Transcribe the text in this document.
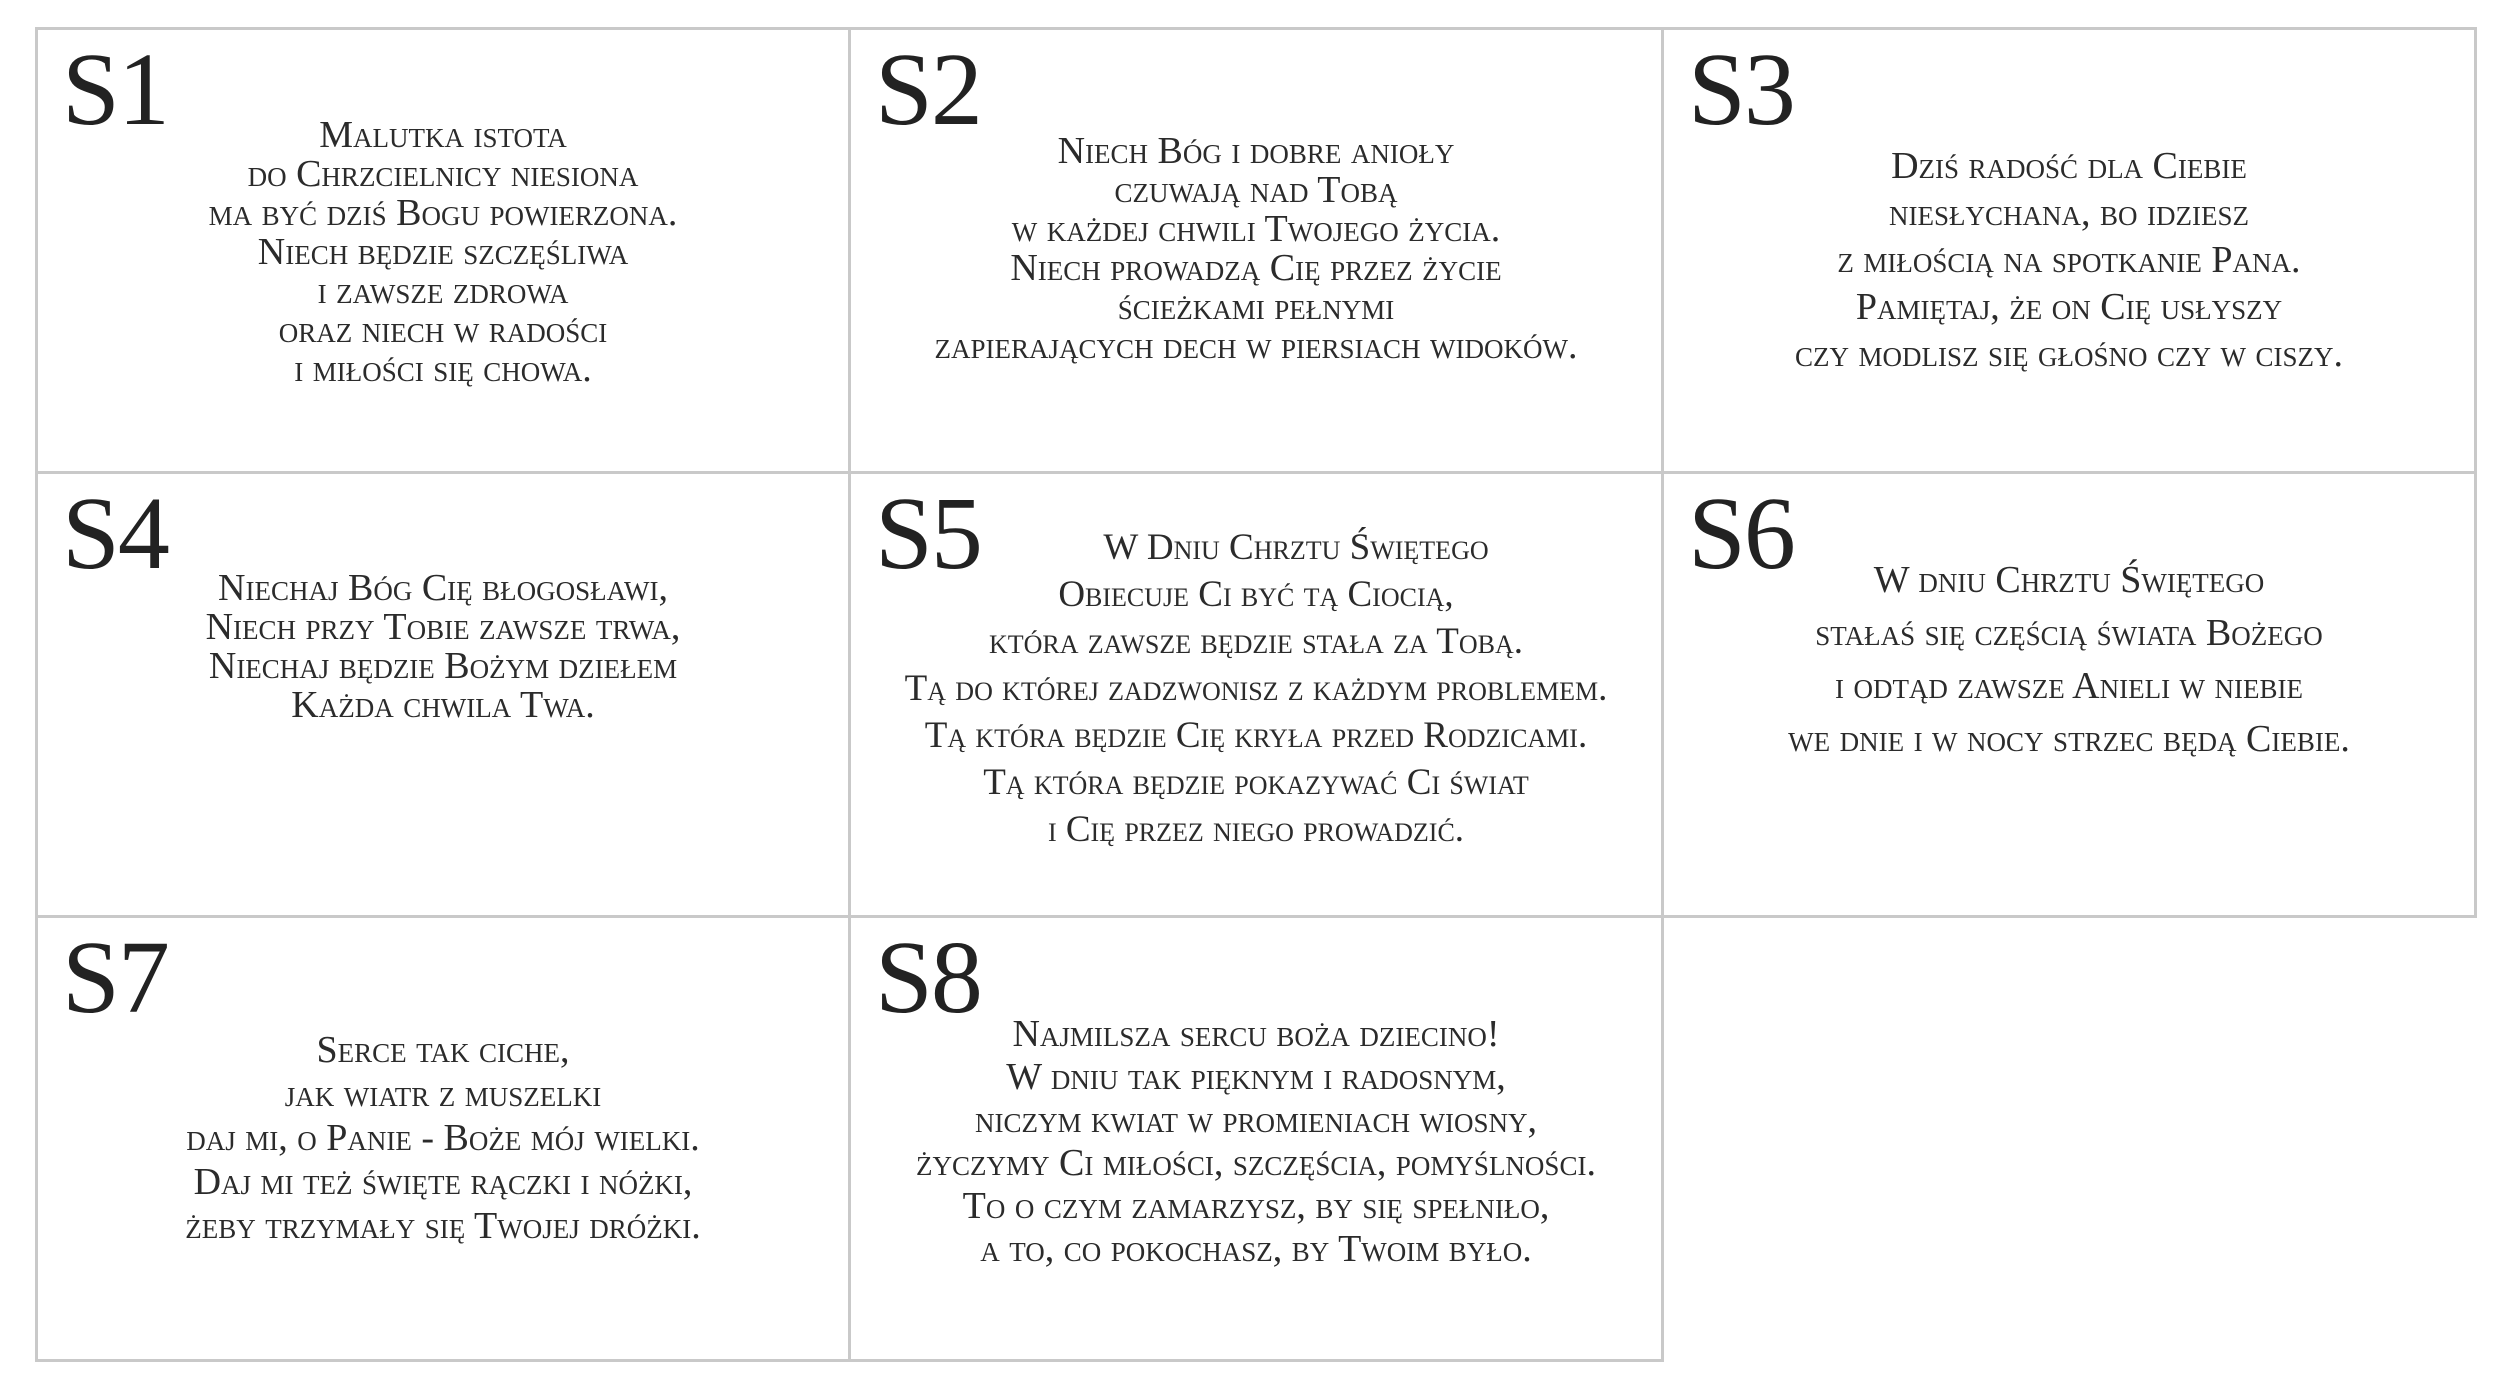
S1	Malutka istota
do Chrzcielnicy niesiona
ma być dziś Bogu powierzona.
Niech będzie szczęśliwa
i zawsze zdrowa
oraz niech w radości
i miłości się chowa.
S2
Niech Bóg i dobre anioły
czuwają nad Tobą
w każdej chwili Twojego życia.
Niech prowadzą Cię przez życie
ścieżkami pełnymi
zapierających dech w piersiach widoków.
S3
Dziś radość dla Ciebie
niesłychana, bo idziesz
z miłością na spotkanie Pana.
Pamiętaj, że on Cię usłyszy
czy modlisz się głośno czy w ciszy.
S4	Niechaj Bóg Cię błogosławi,
Niech przy Tobie zawsze trwa,
Niechaj będzie Bożym dziełem
Każda chwila Twa.
S5	W Dniu Chrztu Świętego
Obiecuje Ci być tą Ciocią,
która zawsze będzie stała za Tobą.
Tą do której zadzwonisz z każdym problemem.
Tą która będzie Cię kryła przed Rodzicami.
Tą która będzie pokazywać Ci świat
i Cię przez niego prowadzić.
S6	W dniu Chrztu Świętego
stałaś się częścią świata Bożego
i odtąd zawsze Anieli w niebie
we dnie i w nocy strzec będą Ciebie.
S7
Serce tak ciche,
jak wiatr z muszelki
daj mi, o Panie - Boże mój wielki.
Daj mi też święte rączki i nóżki,
żeby trzymały się Twojej dróżki.
S8 Najmilsza sercu boża dziecino!
W dniu tak pięknym i radosnym,
niczym kwiat w promieniach wiosny,
życzymy Ci miłości, szczęścia, pomyślności.
To o czym zamarzysz, by się spełniło,
a to, co pokochasz, by Twoim było.
